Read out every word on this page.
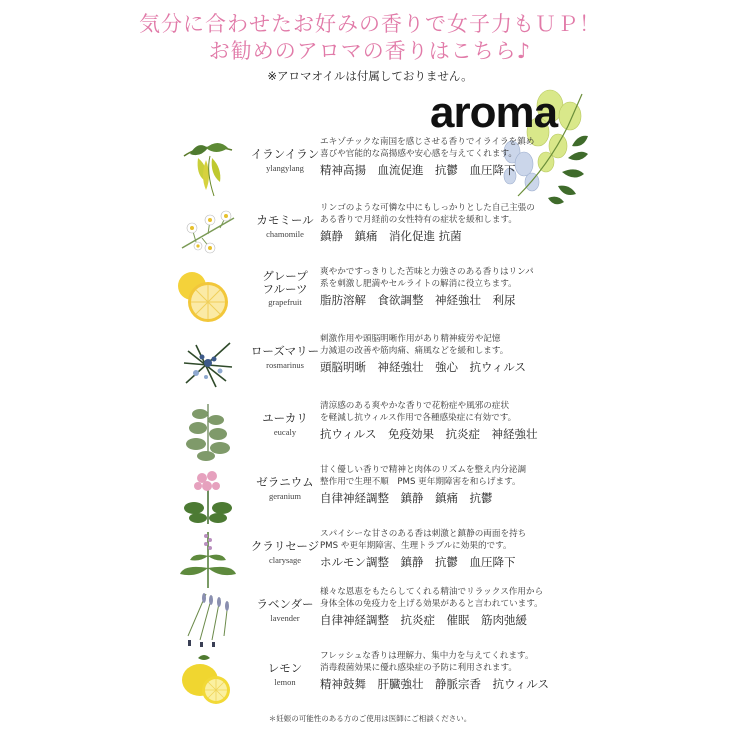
気分に合わせたお好みの香りで女子力もＵＰ！
お勧めのアロマの香りはこちら♪
※アロマオイルは付属しておりません。
aroma
イランイラン
ylangylang
エキゾチックな南国を感じさせる香りでイライラを鎮め
喜びや官能的な高揚感や安心感を与えてくれます。
精神高揚　血流促進　抗鬱　血圧降下
カモミール
chamomile
リンゴのような可憐な中にもしっかりとした自己主張の
ある香りで月経前の女性特有の症状を緩和します。
鎮静　鎮痛　消化促進 抗菌
グレープ
フルーツ
grapefruit
爽やかですっきりした苦味と力強さのある香りはリンパ
系を刺激し肥満やセルライトの解消に役立ちます。
脂肪溶解　食欲調整　神経強壮　利尿
ローズマリー
rosmarinus
刺激作用や頭脳明晰作用があり精神疲労や記憶
力減退の改善や筋肉痛、痛風などを緩和します。
頭脳明晰　神経強壮　強心　抗ウィルス
ユーカリ
eucaly
清涼感のある爽やかな香りで花粉症や風邪の症状
を軽減し抗ウィルス作用で各種感染症に有効です。
抗ウィルス　免疫効果　抗炎症　神経強壮
ゼラニウム
geranium
甘く優しい香りで精神と肉体のリズムを整え内分泌調
整作用で生理不順　PMS 更年期障害を和らげます。
自律神経調整　鎮静　鎮痛　抗鬱
クラリセージ
clarysage
スパイシーな甘さのある香は刺激と鎮静の両面を持ち
PMS や更年期障害、生理トラブルに効果的です。
ホルモン調整　鎮静　抗鬱　血圧降下
ラベンダー
lavender
様々な恩恵をもたらしてくれる精油でリラックス作用から
身体全体の免疫力を上げる効果があると言われています。
自律神経調整　抗炎症　催眠　筋肉弛緩
レモン
lemon
フレッシュな香りは理解力、集中力を与えてくれます。
消毒殺菌効果に優れ感染症の予防に利用されます。
精神鼓舞　肝臓強壮　静脈宗香　抗ウィルス
＊妊娠の可能性のある方のご使用は医師にご相談ください。
